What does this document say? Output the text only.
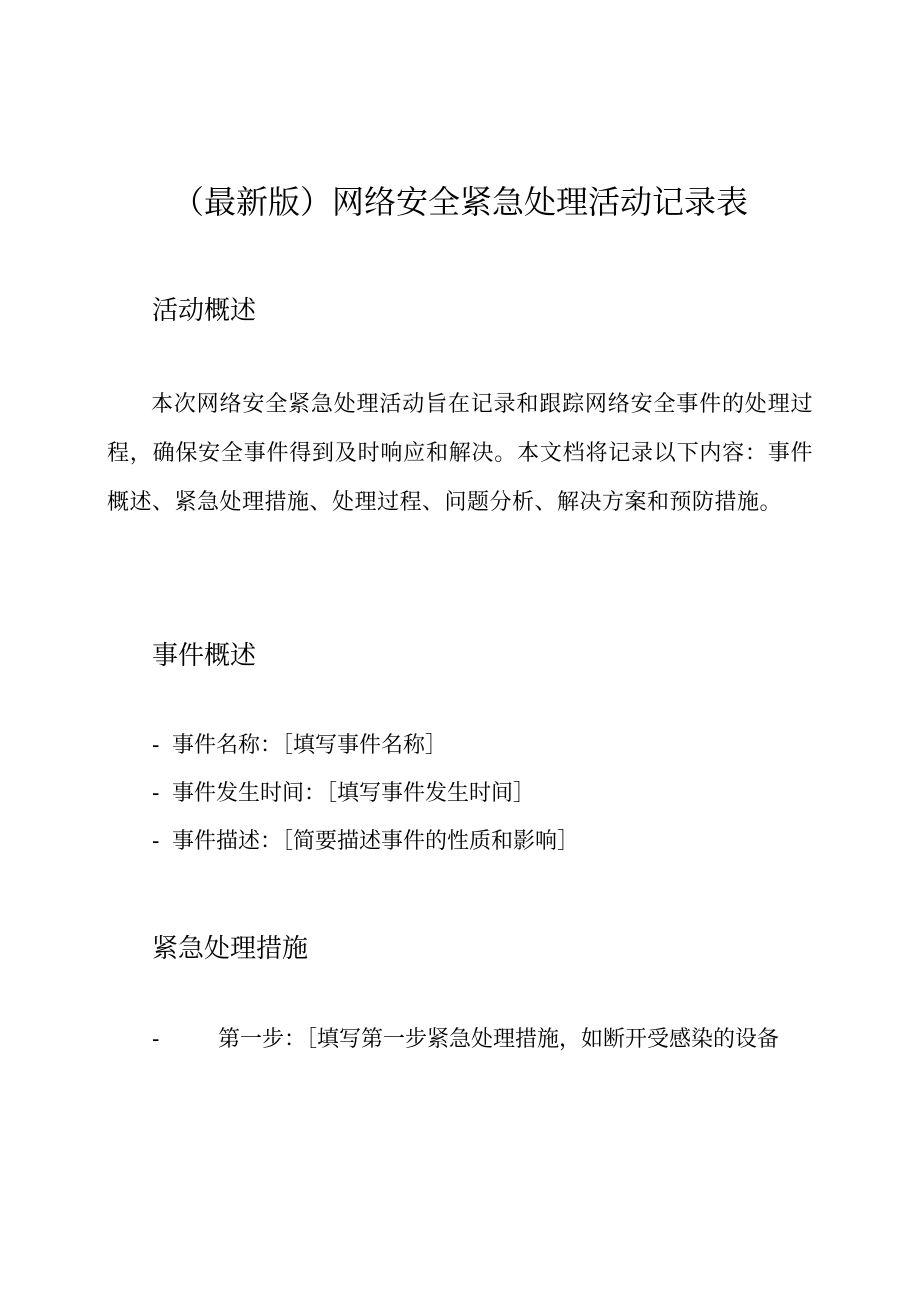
（最新版）网络安全紧急处理活动记录表
活动概述

本次网络安全紧急处理活动旨在记录和跟踪网络安全事件的处理过程，确保安全事件得到及时响应和解决。本文档将记录以下内容：事件概述、紧急处理措施、处理过程、问题分析、解决方案和预防措施。

事件概述
- 事件名称：［填写事件名称］
- 事件发生时间：［填写事件发生时间］
- 事件描述：［简要描述事件的性质和影响］
紧急处理措施

-	第一步：［填写第一步紧急处理措施，如断开受感染的设备
